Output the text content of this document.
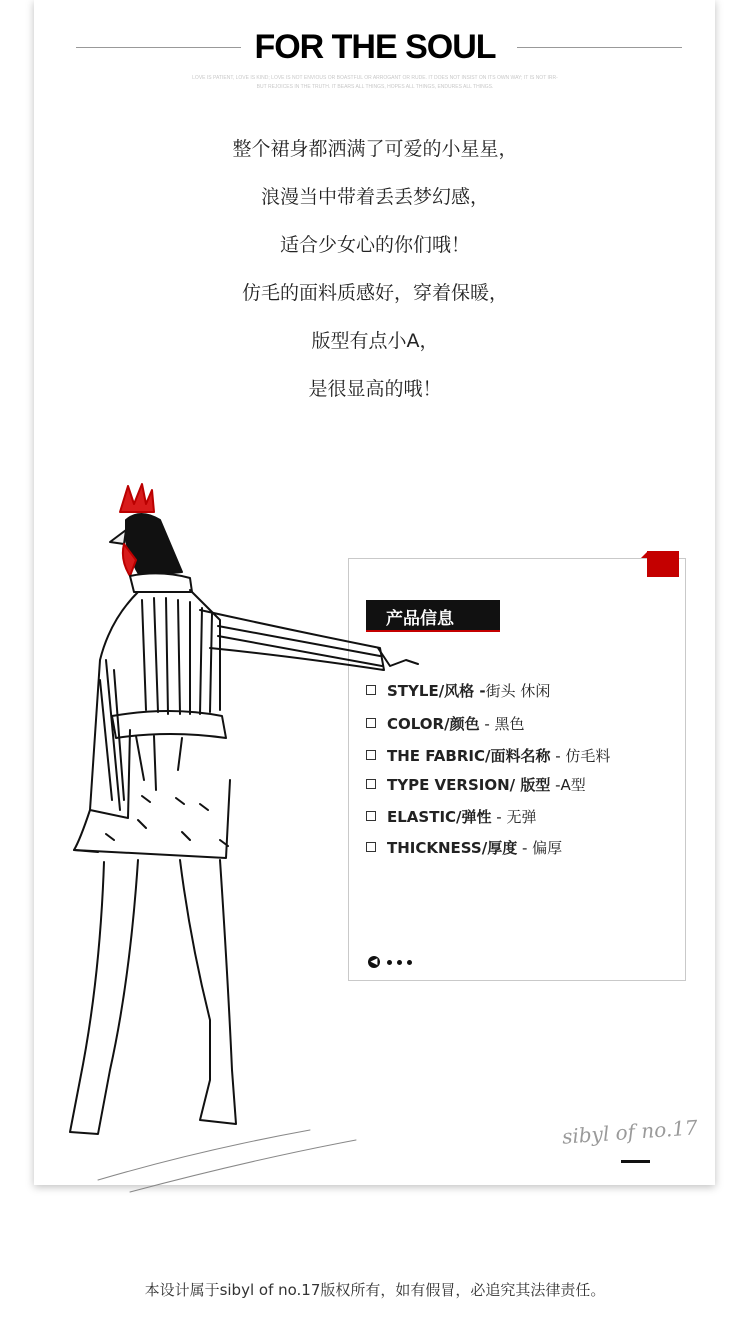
FOR THE SOUL
LOVE IS PATIENT, LOVE IS KIND; LOVE IS NOT ENVIOUS OR BOASTFUL OR ARROGANT OR RUDE. IT DOES NOT INSIST ON ITS OWN WAY; IT IS NOT IRR-
BUT REJOICES IN THE TRUTH. IT BEARS ALL THINGS, HOPES ALL THINGS, ENDURES ALL THINGS.
整个裙身都洒满了可爱的小星星，
浪漫当中带着丢丢梦幻感，
适合少女心的你们哦！
仿毛的面料质感好，穿着保暖，
版型有点小A，
是很显高的哦！
产品信息
STYLE/风格 -街头 休闲
COLOR/颜色 - 黑色
THE FABRIC/面料名称 - 仿毛料
TYPE VERSION/ 版型 -A型
ELASTIC/弹性 - 无弹
THICKNESS/厚度 - 偏厚
◀
sibyl of no.17
本设计属于sibyl of no.17版权所有，如有假冒，必追究其法律责任。
